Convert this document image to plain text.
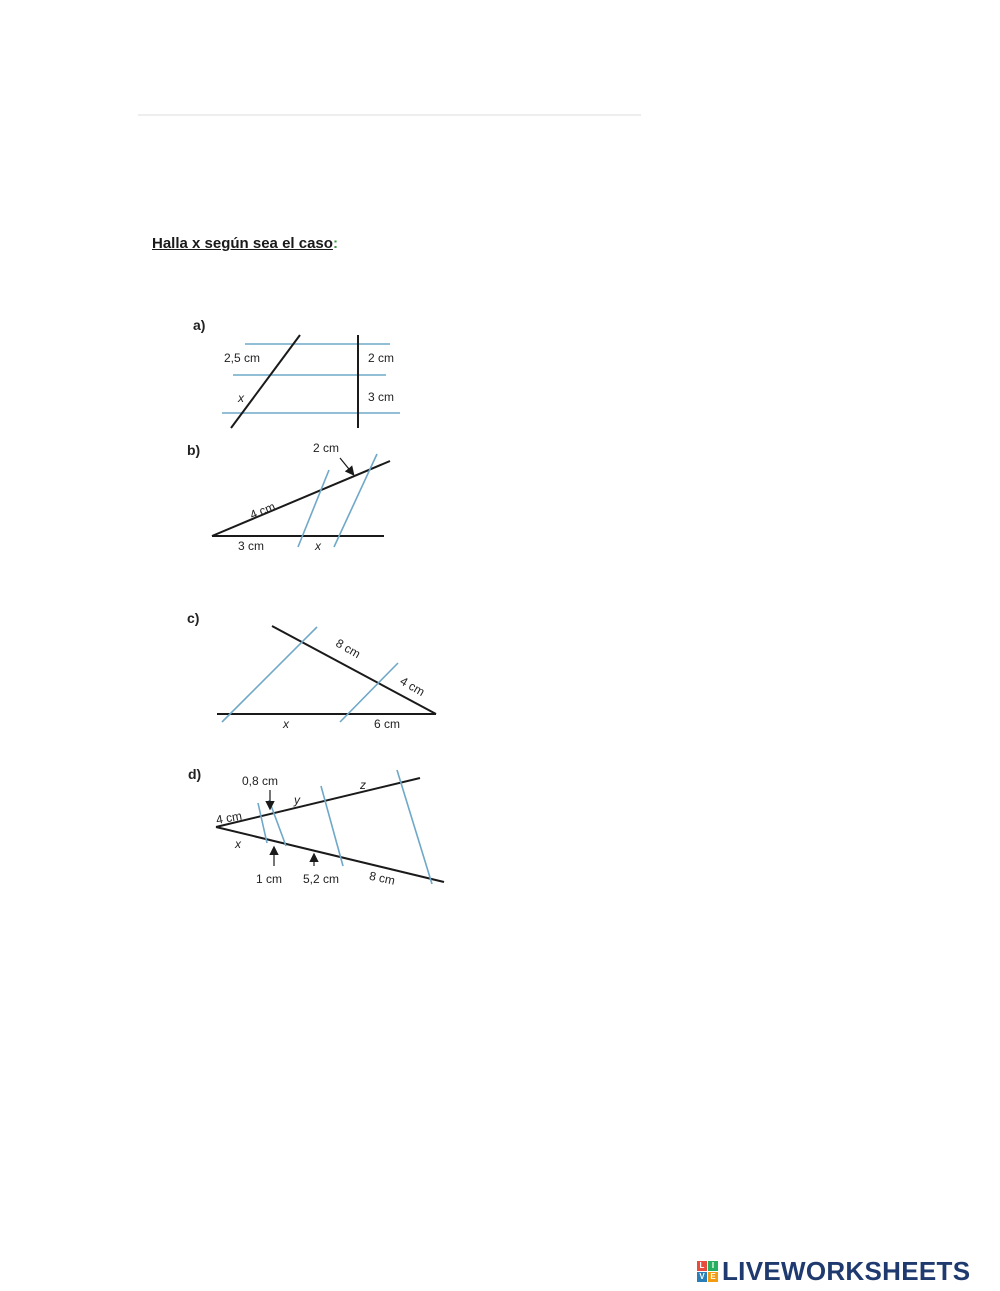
Halla x según sea el caso:
a)
2,5 cm
x
2 cm
3 cm
b)	2 cm
4 cm
3 cm	x
c)
8 cm
4 cm
x	6 cm
d)	0,8 cm
y
z
4 cm
x
1 cm 5,2 cm 8 cm
L I
V E LIVEWORKSHEETS
